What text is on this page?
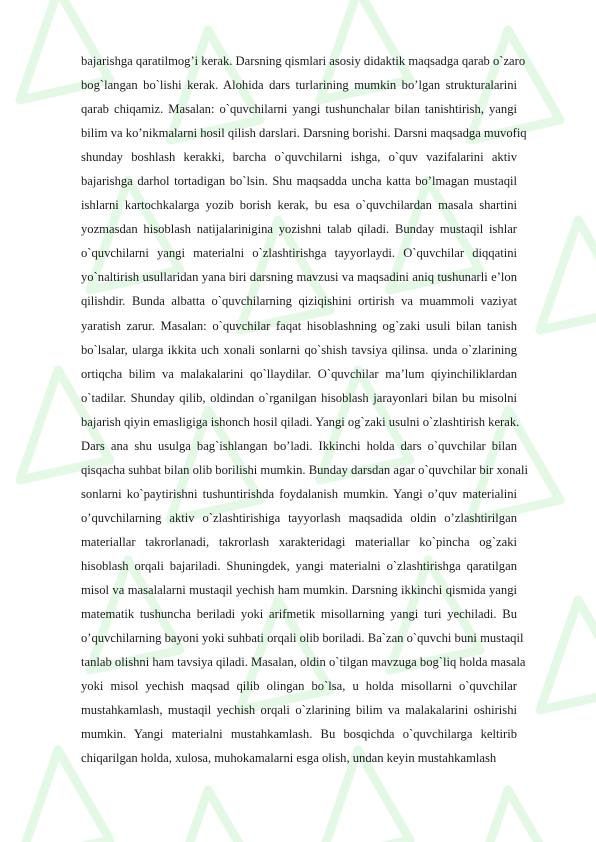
bajarishga qaratilmog’i kerak. Darsning qismlari asosiy didaktik maqsadga qarab o`zaro
bog`langan bo`lishi kerak. Alohida dars turlarining mumkin bo’lgan strukturalarini
qarab chiqamiz. Masalan: o`quvchilarni yangi tushunchalar bilan tanishtirish, yangi
bilim va ko’nikmalarni hosil qilish darslari. Darsning borishi. Darsni maqsadga muvofiq
shunday boshlash kerakki, barcha o`quvchilarni ishga, o`quv vazifalarini aktiv
bajarishga darhol tortadigan bo`lsin. Shu maqsadda uncha katta bo’lmagan mustaqil
ishlarni kartochkalarga yozib borish kerak, bu esa o`quvchilardan masala shartini
yozmasdan hisoblash natijalarinigina yozishni talab qiladi. Bunday mustaqil ishlar
o`quvchilarni yangi materialni o`zlashtirishga tayyorlaydi. O`quvchilar diqqatini
yo`naltirish usullaridan yana biri darsning mavzusi va maqsadini aniq tushunarli e’lon
qilishdir. Bunda albatta o`quvchilarning qiziqishini ortirish va muammoli vaziyat
yaratish zarur. Masalan: o`quvchilar faqat hisoblashning og`zaki usuli bilan tanish
bo`lsalar, ularga ikkita uch xonali sonlarni qo`shish tavsiya qilinsa. unda o`zlarining
ortiqcha bilim va malakalarini qo`llaydilar. O`quvchilar ma’lum qiyinchiliklardan
o`tadilar. Shunday qilib, oldindan o`rganilgan hisoblash jarayonlari bilan bu misolni
bajarish qiyin emasligiga ishonch hosil qiladi. Yangi og`zaki usulni o`zlashtirish kerak.
Dars ana shu usulga bag`ishlangan bo’ladi. Ikkinchi holda dars o`quvchilar bilan
qisqacha suhbat bilan olib borilishi mumkin. Bunday darsdan agar o`quvchilar bir xonali
sonlarni ko`paytirishni tushuntirishda foydalanish mumkin. Yangi o’quv materialini
o’quvchilarning aktiv o`zlashtirishiga tayyorlash maqsadida oldin o’zlashtirilgan
materiallar takrorlanadi, takrorlash xarakteridagi materiallar ko`pincha og`zaki
hisoblash orqali bajariladi. Shuningdek, yangi materialni o`zlashtirishga qaratilgan
misol va masalalarni mustaqil yechish ham mumkin. Darsning ikkinchi qismida yangi
matematik tushuncha beriladi yoki arifmetik misollarning yangi turi yechiladi. Bu
o’quvchilarning bayoni yoki suhbati orqali olib boriladi. Ba`zan o`quvchi buni mustaqil
tanlab olishni ham tavsiya qiladi. Masalan, oldin o`tilgan mavzuga bog`liq holda masala
yoki misol yechish maqsad qilib olingan bo`lsa, u holda misollarni o`quvchilar
mustahkamlash, mustaqil yechish orqali o`zlarining bilim va malakalarini oshirishi
mumkin. Yangi materialni mustahkamlash. Bu bosqichda o`quvchilarga keltirib
chiqarilgan holda, xulosa, muhokamalarni esga olish, undan keyin mustahkamlash
